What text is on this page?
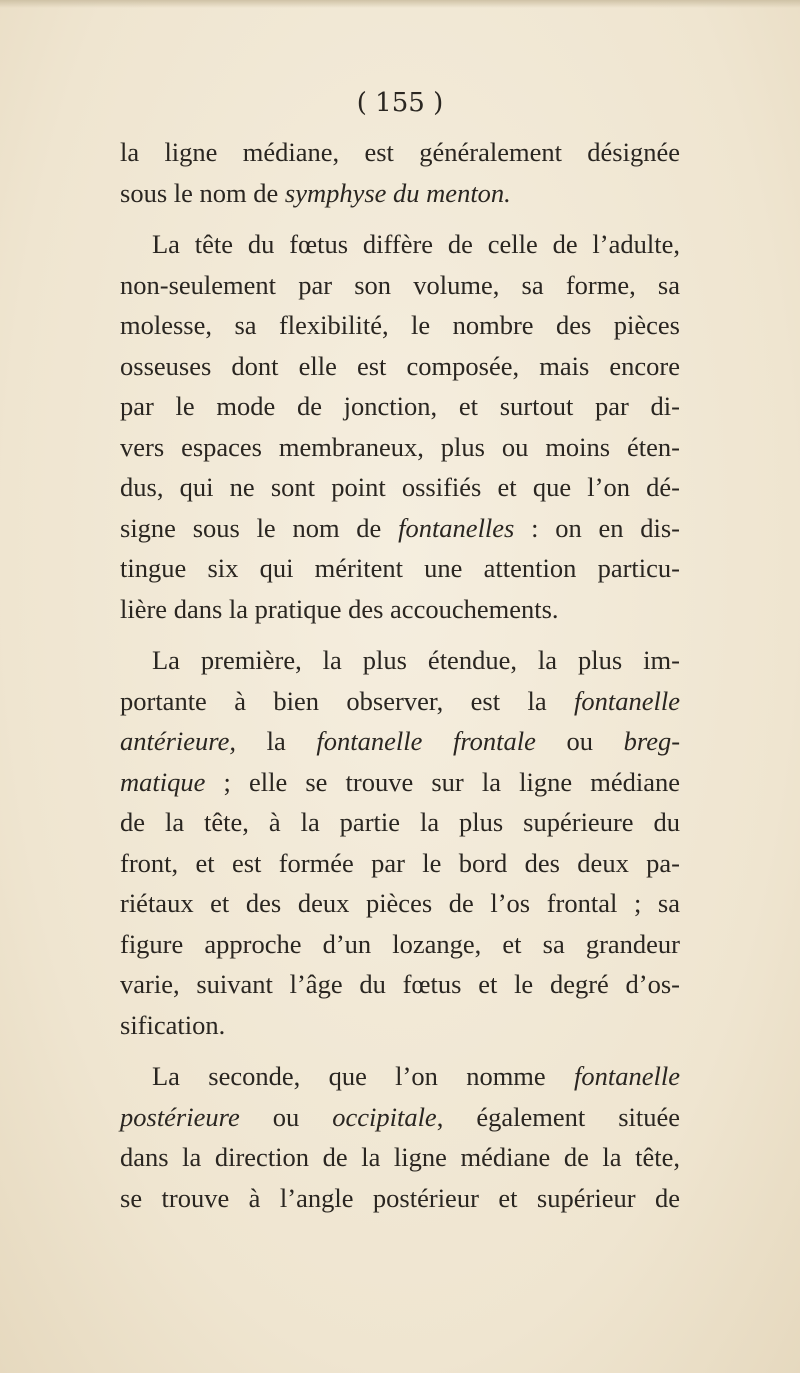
( 155 )
la ligne médiane, est généralement désignée
sous le nom de symphyse du menton.
La tête du fœtus diffère de celle de l’adulte,
non-seulement par son volume, sa forme, sa
molesse, sa flexibilité, le nombre des pièces
osseuses dont elle est composée, mais encore
par le mode de jonction, et surtout par di-
vers espaces membraneux, plus ou moins éten-
dus, qui ne sont point ossifiés et que l’on dé-
signe sous le nom de fontanelles : on en dis-
tingue six qui méritent une attention particu-
lière dans la pratique des accouchements.
La première, la plus étendue, la plus im-
portante à bien observer, est la fontanelle
antérieure, la fontanelle frontale ou breg-
matique ; elle se trouve sur la ligne médiane
de la tête, à la partie la plus supérieure du
front, et est formée par le bord des deux pa-
riétaux et des deux pièces de l’os frontal ; sa
figure approche d’un lozange, et sa grandeur
varie, suivant l’âge du fœtus et le degré d’os-
sification.
La seconde, que l’on nomme fontanelle
postérieure ou occipitale, également située
dans la direction de la ligne médiane de la tête,
se trouve à l’angle postérieur et supérieur de
